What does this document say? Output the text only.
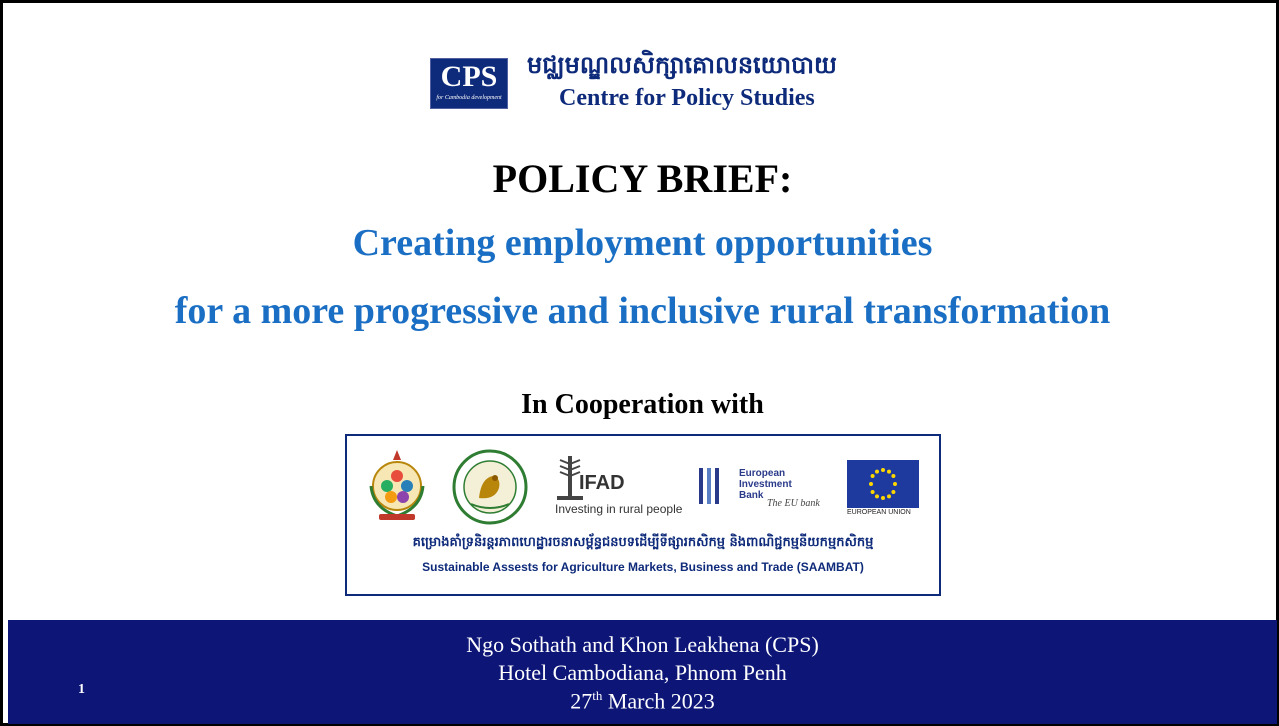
CPS
for Cambodia development
មជ្ឈមណ្ឌលសិក្សាគោលនយោបាយ
Centre for Policy Studies
POLICY BRIEF:
Creating employment opportunities
for a more progressive and inclusive rural transformation
In Cooperation with
IFAD
Investing in rural people
European
Investment
Bank
The EU bank
EUROPEAN UNION
គម្រោងគាំទ្រនិរន្តរភាពហេដ្ឋារចនាសម្ព័ន្ធជនបទដើម្បីទីផ្សារកសិកម្ម និងពាណិជ្ជកម្មនីយកម្មកសិកម្ម
Sustainable Assests for Agriculture Markets, Business and Trade (SAAMBAT)
Ngo Sothath and Khon Leakhena (CPS)
Hotel Cambodiana, Phnom Penh
27th March 2023
1
